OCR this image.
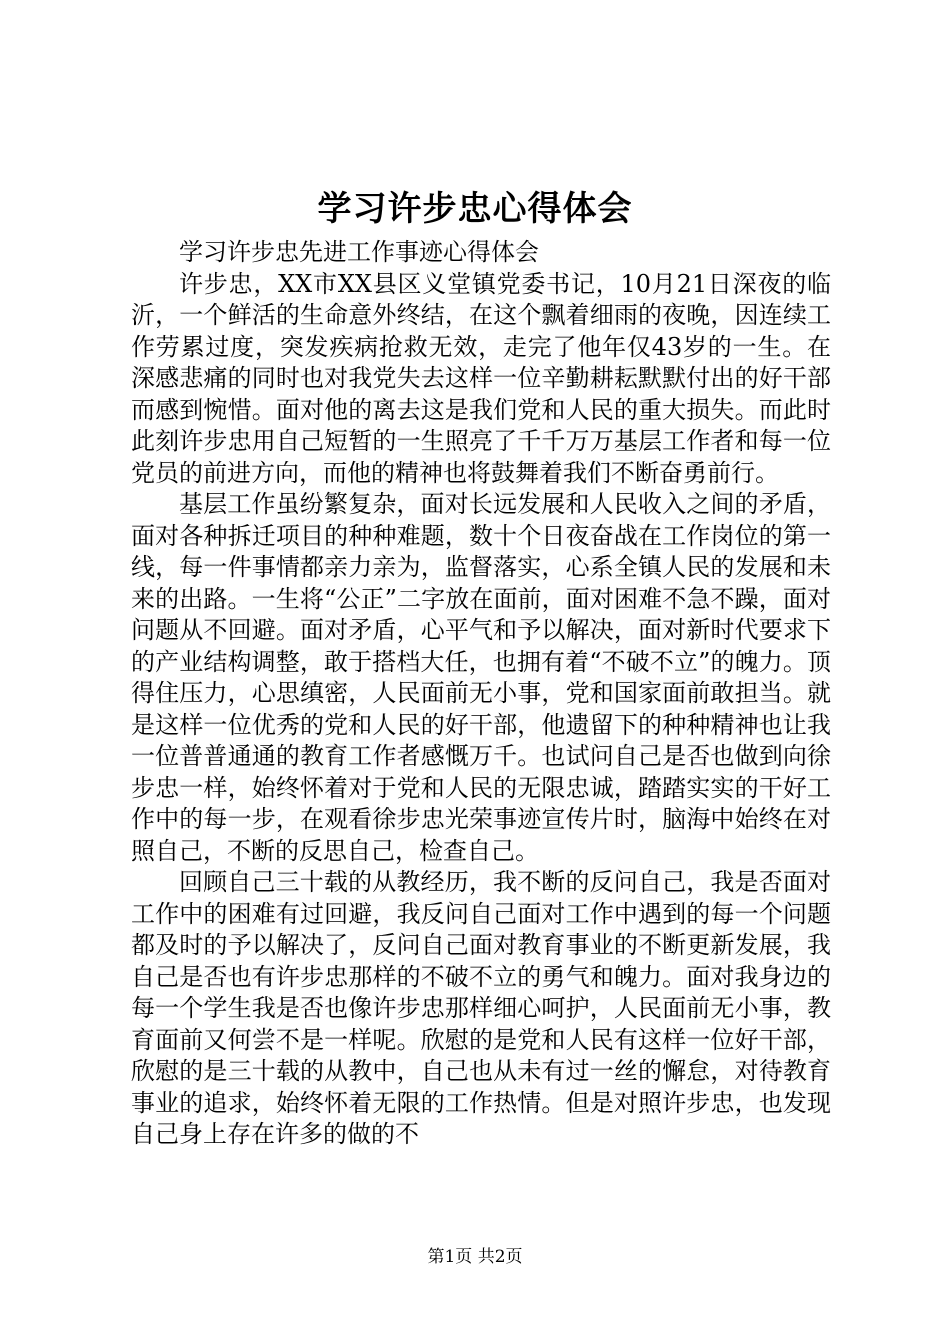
学习许步忠心得体会

学习许步忠先进工作事迹心得体会

许步忠，XX市XX县区义堂镇党委书记，10月21日深夜的临沂，一个鲜活的生命意外终结，在这个飘着细雨的夜晚，因连续工作劳累过度，突发疾病抢救无效，走完了他年仅43岁的一生。在深感悲痛的同时也对我党失去这样一位辛勤耕耘默默付出的好干部而感到惋惜。面对他的离去这是我们党和人民的重大损失。而此时此刻许步忠用自己短暂的一生照亮了千千万万基层工作者和每一位党员的前进方向，而他的精神也将鼓舞着我们不断奋勇前行。

基层工作虽纷繁复杂，面对长远发展和人民收入之间的矛盾，面对各种拆迁项目的种种难题，数十个日夜奋战在工作岗位的第一线，每一件事情都亲力亲为，监督落实，心系全镇人民的发展和未来的出路。一生将“公正”二字放在面前，面对困难不急不躁，面对问题从不回避。面对矛盾，心平气和予以解决，面对新时代要求下的产业结构调整，敢于搭档大任，也拥有着“不破不立”的魄力。顶得住压力，心思缜密，人民面前无小事，党和国家面前敢担当。就是这样一位优秀的党和人民的好干部，他遗留下的种种精神也让我一位普普通通的教育工作者感慨万千。也试问自己是否也做到向徐步忠一样，始终怀着对于党和人民的无限忠诚，踏踏实实的干好工作中的每一步，在观看徐步忠光荣事迹宣传片时，脑海中始终在对照自己，不断的反思自己，检查自己。

回顾自己三十载的从教经历，我不断的反问自己，我是否面对工作中的困难有过回避，我反问自己面对工作中遇到的每一个问题都及时的予以解决了，反问自己面对教育事业的不断更新发展，我自己是否也有许步忠那样的不破不立的勇气和魄力。面对我身边的每一个学生我是否也像许步忠那样细心呵护，人民面前无小事，教育面前又何尝不是一样呢。欣慰的是党和人民有这样一位好干部，欣慰的是三十载的从教中，自己也从未有过一丝的懈怠，对待教育事业的追求，始终怀着无限的工作热情。但是对照许步忠，也发现自己身上存在许多的做的不

第1页 共2页
